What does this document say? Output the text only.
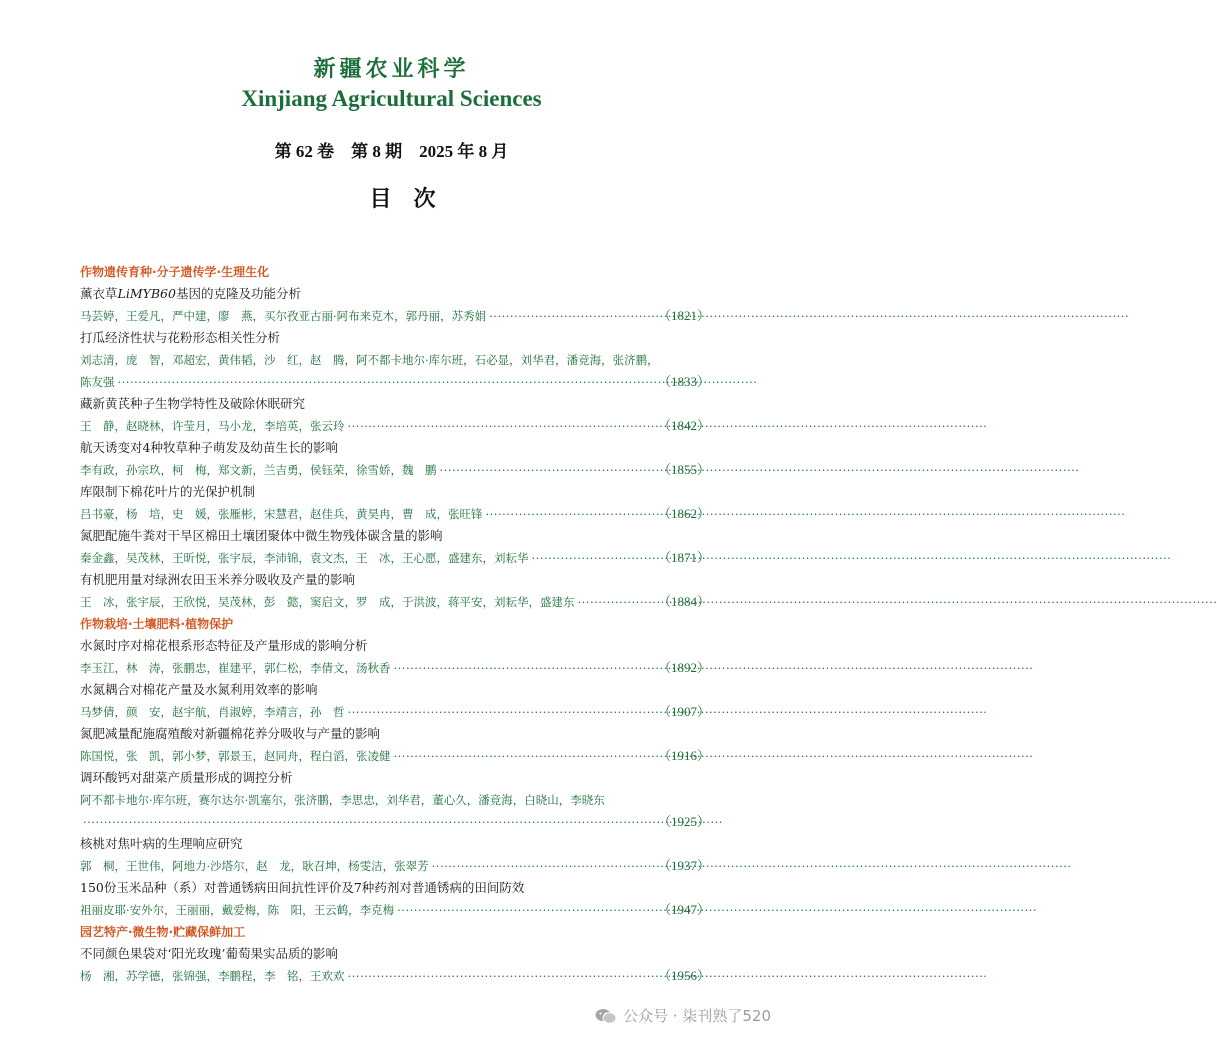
新疆农业科学
Xinjiang Agricultural Sciences
第 62 卷　第 8 期　2025 年 8 月
目次
作物遗传育种·分子遗传学·生理生化
薰衣草LiMYB60基因的克隆及功能分析
马芸婷，王爱凡，严中建，廖　燕，买尔孜亚古丽·阿布来克木，郭丹丽，苏秀娟 ·····	（1821）
打瓜经济性状与花粉形态相关性分析
刘志清，庞　智，邓超宏，黄伟韬，沙　红，赵　腾，阿不都卡地尔·库尔班，石必显，刘华君，潘竞海，张济鹏，
陈友强 ·····	（1833）
藏新黄芪种子生物学特性及破除休眠研究
王　静，赵晓林，许莹月，马小龙，李培英，张云玲 ·····	（1842）
航天诱变对4种牧草种子萌发及幼苗生长的影响
李有政，孙宗玖，柯　梅，郑文新，兰吉勇，侯钰荣，徐雪娇，魏　鹏 ·····	（1855）
库限制下棉花叶片的光保护机制
吕书豪，杨　培，史　媛，张雁彬，宋慧君，赵佳兵，黄昊冉，曹　成，张旺锋 ·····	（1862）
氮肥配施牛粪对干旱区棉田土壤团聚体中微生物残体碳含量的影响
秦金鑫，吴茂林，王昕悦，张宇辰，李沛锦，袁文杰，王　冰，王心愿，盛建东，刘耘华 ·····	（1871）
有机肥用量对绿洲农田玉米养分吸收及产量的影响
王　冰，张宇辰，王欣悦，吴茂林，彭　懿，窦启文，罗　成，于洪波，蒋平安，刘耘华，盛建东 ·····	（1884）
作物栽培·土壤肥料·植物保护
水氮时序对棉花根系形态特征及产量形成的影响分析
李玉江，林　涛，张鹏忠，崔建平，郭仁松，李倩文，汤秋香 ·····	（1892）
水氮耦合对棉花产量及水氮利用效率的影响
马梦倩，颜　安，赵宇航，肖淑婷，李靖言，孙　哲 ·····	（1907）
氮肥减量配施腐殖酸对新疆棉花养分吸收与产量的影响
陈国悦，张　凯，郭小梦，郭景玉，赵同舟，程白滔，张凌健 ·····	（1916）
调环酸钙对甜菜产质量形成的调控分析
阿不都卡地尔·库尔班，赛尔达尔·凯塞尔，张济鹏，李思忠，刘华君，董心久，潘竞海，白晓山，李晓东
·····
（1925）
核桃对焦叶病的生理响应研究
郭　桐，王世伟，阿地力·沙塔尔，赵　龙，耿召坤，杨雯洁，张翠芳 ·····	（1937）
150份玉米品种（系）对普通锈病田间抗性评价及7种药剂对普通锈病的田间防效
祖丽皮耶·安外尔，王丽丽，戴爱梅，陈　阳，王云鹤，李克梅 ·····	（1947）
园艺特产·微生物·贮藏保鲜加工
不同颜色果袋对‘阳光玫瑰’葡萄果实品质的影响
杨　湘，苏学德，张锦强，李鹏程，李　铭，王欢欢 ·····	（1956）
公众号 · 柒刊熟了520
